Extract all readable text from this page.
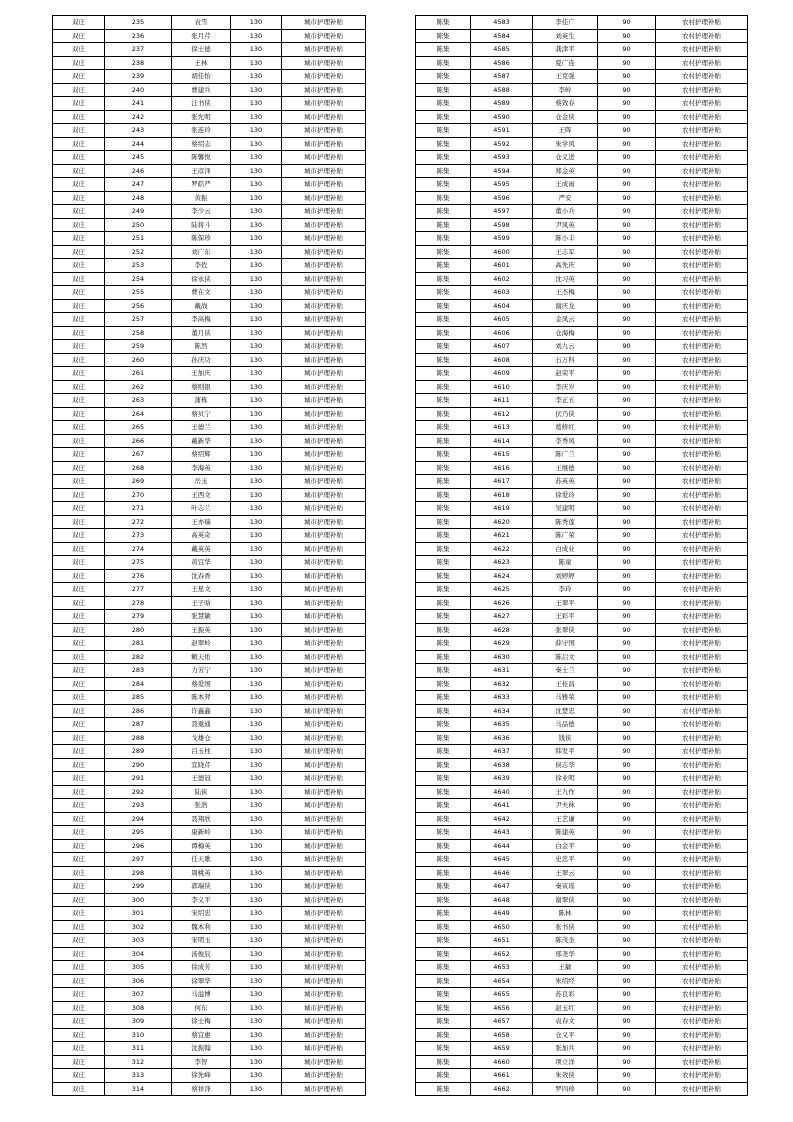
双庄	235	袁雪	130	城市护理补贴
双庄	236	张月芹	130	城市护理补贴
双庄	237	徐士德	130	城市护理补贴
双庄	238	王林	130	城市护理补贴
双庄	239	胡佳怡	130	城市护理补贴
双庄	240	曹建兵	130	城市护理补贴
双庄	241	汪书侠	130	城市护理补贴
双庄	242	张允明	130	城市护理补贴
双庄	243	张连玲	130	城市护理补贴
双庄	244	蔡绍志	130	城市护理补贴
双庄	245	陈馨悦	130	城市护理补贴
双庄	246	王彦泽	130	城市护理补贴
双庄	247	罗皓严	130	城市护理补贴
双庄	248	黄振	130	城市护理补贴
双庄	249	李少云	130	城市护理补贴
双庄	250	陆将斗	130	城市护理补贴
双庄	251	陈保珍	130	城市护理补贴
双庄	252	刘广东	130	城市护理补贴
双庄	253	李佐	130	城市护理补贴
双庄	254	徐永侠	130	城市护理补贴
双庄	255	曹在文	130	城市护理补贴
双庄	256	戴战	130	城市护理补贴
双庄	257	李高梅	130	城市护理补贴
双庄	258	董月侠	130	城市护理补贴
双庄	259	陈然	130	城市护理补贴
双庄	260	孙庆功	130	城市护理补贴
双庄	261	王加庆	130	城市护理补贴
双庄	262	蔡则银	130	城市护理补贴
双庄	263	蒲栋	130	城市护理补贴
双庄	264	蔡贝宁	130	城市护理补贴
双庄	265	王德兰	130	城市护理补贴
双庄	266	戴新华	130	城市护理补贴
双庄	267	蔡绍辉	130	城市护理补贴
双庄	268	李海英	130	城市护理补贴
双庄	269	岳玉	130	城市护理补贴
双庄	270	王西文	130	城市护理补贴
双庄	271	叶志兰	130	城市护理补贴
双庄	272	王亦瑞	130	城市护理补贴
双庄	273	高英奇	130	城市护理补贴
双庄	274	戴英英	130	城市护理补贴
双庄	275	黄宜华	130	城市护理补贴
双庄	276	沈春香	130	城市护理补贴
双庄	277	王星文	130	城市护理补贴
双庄	278	王子晗	130	城市护理补贴
双庄	279	张慧敏	130	城市护理补贴
双庄	280	王振英	130	城市护理补贴
双庄	281	赵翠岭	130	城市护理补贴
双庄	282	鲍天佑	130	城市护理补贴
双庄	283	力芳宁	130	城市护理补贴
双庄	284	蔡爱国	130	城市护理补贴
双庄	285	陈本羿	130	城市护理补贴
双庄	286	许鑫鑫	130	城市护理补贴
双庄	287	聂重通	130	城市护理补贴
双庄	288	戈雄仓	130	城市护理补贴
双庄	289	吕玉柱	130	城市护理补贴
双庄	290	宣晓芹	130	城市护理补贴
双庄	291	王德冠	130	城市护理补贴
双庄	292	陆侠	130	城市护理补贴
双庄	293	张浩	130	城市护理补贴
双庄	294	聂翔欣	130	城市护理补贴
双庄	295	康新岭	130	城市护理补贴
双庄	296	谭梅英	130	城市护理补贴
双庄	297	任天歌	130	城市护理补贴
双庄	298	周桃英	130	城市护理补贴
双庄	299	郭瑞侠	130	城市护理补贴
双庄	300	李义平	130	城市护理补贴
双庄	301	宋绍忠	130	城市护理补贴
双庄	302	魏本利	130	城市护理补贴
双庄	303	宋明玉	130	城市护理补贴
双庄	304	汤俊辰	130	城市护理补贴
双庄	305	徐成芳	130	城市护理补贴
双庄	306	徐翠华	130	城市护理补贴
双庄	307	马溢博	130	城市护理补贴
双庄	308	何东	130	城市护理补贴
双庄	309	徐士梅	130	城市护理补贴
双庄	310	蔡宜惠	130	城市护理补贴
双庄	311	沈振翰	130	城市护理补贴
双庄	312	李智	130	城市护理补贴
双庄	313	徐先峰	130	城市护理补贴
双庄	314	蔡祥泽	130	城市护理补贴
陈集	4583	李佳广	90	农村护理补贴
陈集	4584	刘英生	90	农村护理补贴
陈集	4585	龚津平	90	农村护理补贴
陈集	4586	夏广连	90	农村护理补贴
陈集	4587	王克强	90	农村护理补贴
陈集	4588	李岭	90	农村护理补贴
陈集	4589	蔡效春	90	农村护理补贴
陈集	4590	仓金侠	90	农村护理补贴
陈集	4591	王晖	90	农村护理补贴
陈集	4592	朱学风	90	农村护理补贴
陈集	4593	仓义进	90	农村护理补贴
陈集	4594	郑金英	90	农村护理补贴
陈集	4595	王成雨	90	农村护理补贴
陈集	4596	严安	90	农村护理补贴
陈集	4597	董小兵	90	农村护理补贴
陈集	4598	尹凤英	90	农村护理补贴
陈集	4599	陈小丰	90	农村护理补贴
陈集	4600	王志军	90	农村护理补贴
陈集	4601	高先庆	90	农村护理补贴
陈集	4602	沈习英	90	农村护理补贴
陈集	4603	王杰梅	90	农村护理补贴
陈集	4604	谢庆龙	90	农村护理补贴
陈集	4605	金凤云	90	农村护理补贴
陈集	4606	仓海梅	90	农村护理补贴
陈集	4607	刘九云	90	农村护理补贴
陈集	4608	石万科	90	农村护理补贴
陈集	4609	赵荣平	90	农村护理补贴
陈集	4610	李庆岁	90	农村护理补贴
陈集	4611	李正五	90	农村护理补贴
陈集	4612	伏乃侠	90	农村护理补贴
陈集	4613	葛修红	90	农村护理补贴
陈集	4614	李秀风	90	农村护理补贴
陈集	4615	陈广兰	90	农村护理补贴
陈集	4616	王继德	90	农村护理补贴
陈集	4617	苏英英	90	农村护理补贴
陈集	4618	徐爱玲	90	农村护理补贴
陈集	4619	吴建明	90	农村护理补贴
陈集	4620	陈秀莲	90	农村护理补贴
陈集	4621	陈广荣	90	农村护理补贴
陈集	4622	白成业	90	农村护理补贴
陈集	4623	陈童	90	农村护理补贴
陈集	4624	刘婷婷	90	农村护理补贴
陈集	4625	李玲	90	农村护理补贴
陈集	4626	王翠平	90	农村护理补贴
陈集	4627	王彩平	90	农村护理补贴
陈集	4628	张翠侠	90	农村护理补贴
陈集	4629	薛守国	90	农村护理补贴
陈集	4630	陈启文	90	农村护理补贴
陈集	4631	秦士兰	90	农村护理补贴
陈集	4632	王桂昌	90	农村护理补贴
陈集	4633	马雅荣	90	农村护理补贴
陈集	4634	沈楚忠	90	农村护理补贴
陈集	4635	马品德	90	农村护理补贴
陈集	4636	钱侠	90	农村护理补贴
陈集	4637	韩发平	90	农村护理补贴
陈集	4638	侯志华	90	农村护理补贴
陈集	4639	徐业明	90	农村护理补贴
陈集	4640	王九作	90	农村护理补贴
陈集	4641	尹夫林	90	农村护理补贴
陈集	4642	王艺谦	90	农村护理补贴
陈集	4643	陈建英	90	农村护理补贴
陈集	4644	白金平	90	农村护理补贴
陈集	4645	史忠平	90	农村护理补贴
陈集	4646	王翠云	90	农村护理补贴
陈集	4647	秦寅瑶	90	农村护理补贴
陈集	4648	谢翠侠	90	农村护理补贴
陈集	4649	陈林	90	农村护理补贴
陈集	4650	张书侠	90	农村护理补贴
陈集	4651	陈茂奎	90	农村护理补贴
陈集	4652	邢尧华	90	农村护理补贴
陈集	4653	王敏	90	农村护理补贴
陈集	4654	朱绍经	90	农村护理补贴
陈集	4655	苏良彩	90	农村护理补贴
陈集	4656	赵玉红	90	农村护理补贴
陈集	4657	袁春文	90	农村护理补贴
陈集	4658	仓义平	90	农村护理补贴
陈集	4659	张加兵	90	农村护理补贴
陈集	4660	项立洋	90	农村护理补贴
陈集	4661	朱效侠	90	农村护理补贴
陈集	4662	罗四珍	90	农村护理补贴
